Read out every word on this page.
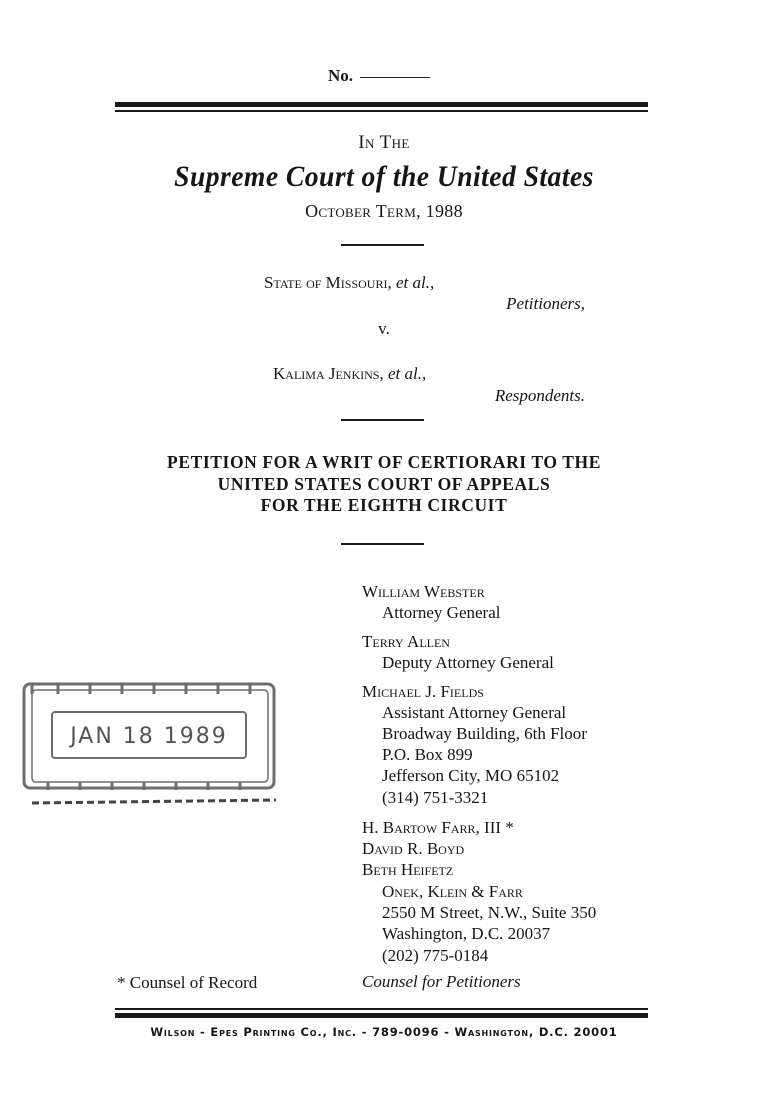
No.
In The
Supreme Court of the United States
October Term, 1988
State of Missouri, et al.,
Petitioners,
v.
Kalima Jenkins, et al.,
Respondents.
PETITION FOR A WRIT OF CERTIORARI TO THE
UNITED STATES COURT OF APPEALS
FOR THE EIGHTH CIRCUIT
William Webster
Attorney General
Terry Allen
Deputy Attorney General
Michael J. Fields
Assistant Attorney General
Broadway Building, 6th Floor
P.O. Box 899
Jefferson City, MO 65102
(314) 751-3321
H. Bartow Farr, III *
David R. Boyd
Beth Heifetz
Onek, Klein & Farr
2550 M Street, N.W., Suite 350
Washington, D.C. 20037
(202) 775-0184
Counsel for Petitioners
* Counsel of Record
JAN 18 1989
Wilson - Epes Printing Co., Inc. - 789-0096 - Washington, D.C. 20001
